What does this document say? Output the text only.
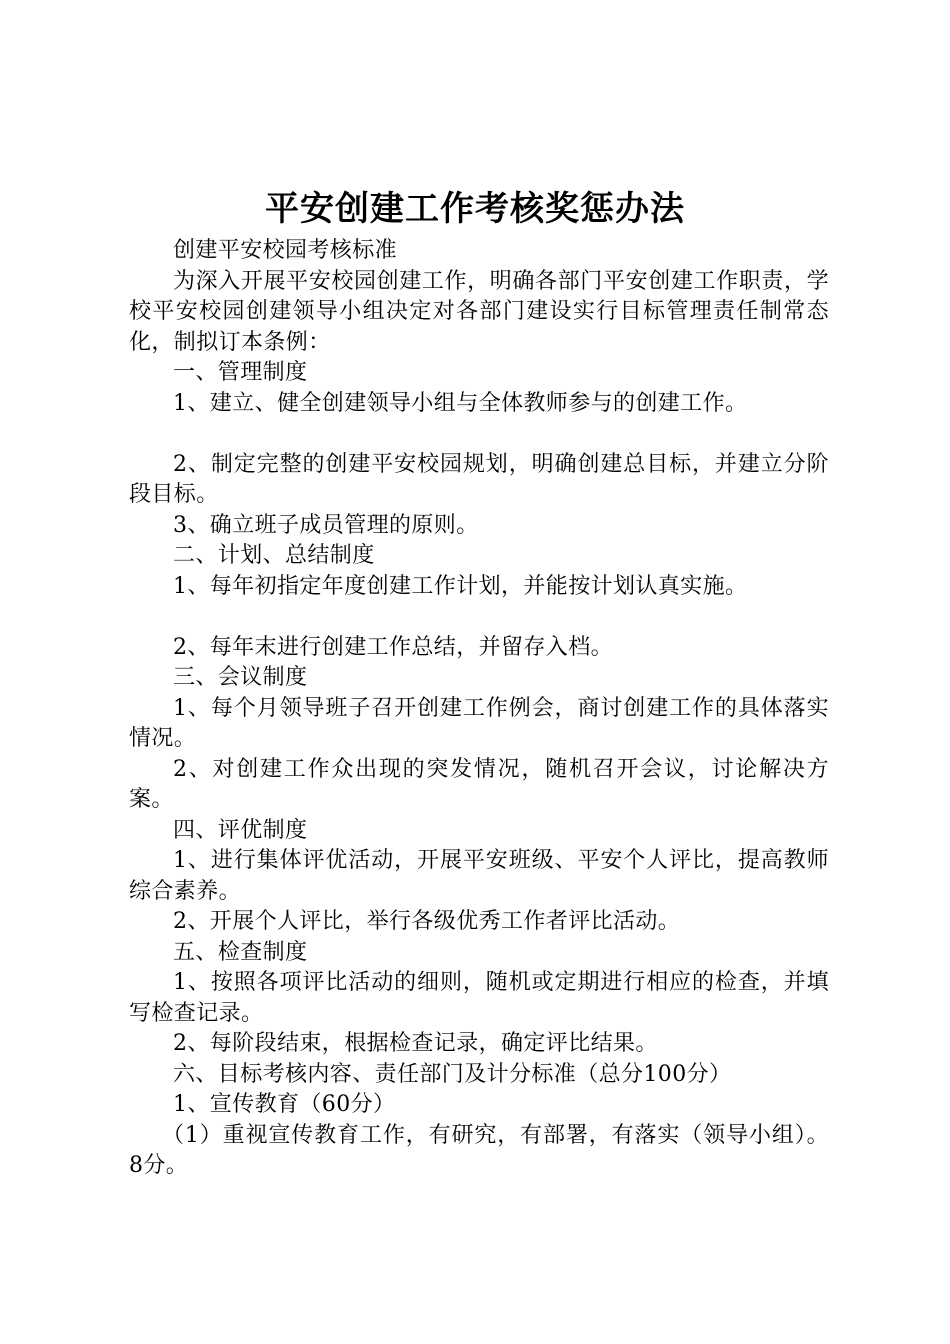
平安创建工作考核奖惩办法

创建平安校园考核标准

为深入开展平安校园创建工作，明确各部门平安创建工作职责，学校平安校园创建领导小组决定对各部门建设实行目标管理责任制常态化，制拟订本条例：

一、管理制度

1、建立、健全创建领导小组与全体教师参与的创建工作。

2、制定完整的创建平安校园规划，明确创建总目标，并建立分阶段目标。

3、确立班子成员管理的原则。

二、计划、总结制度

1、每年初指定年度创建工作计划，并能按计划认真实施。

2、每年末进行创建工作总结，并留存入档。

三、会议制度

1、每个月领导班子召开创建工作例会，商讨创建工作的具体落实情况。

2、对创建工作众出现的突发情况，随机召开会议，讨论解决方案。

四、评优制度

1、进行集体评优活动，开展平安班级、平安个人评比，提高教师综合素养。

2、开展个人评比，举行各级优秀工作者评比活动。

五、检查制度

1、按照各项评比活动的细则，随机或定期进行相应的检查，并填写检查记录。

2、每阶段结束，根据检查记录，确定评比结果。

六、目标考核内容、责任部门及计分标准（总分100分）

1、宣传教育（60分）

（1）重视宣传教育工作，有研究，有部署，有落实（领导小组）。8分。
